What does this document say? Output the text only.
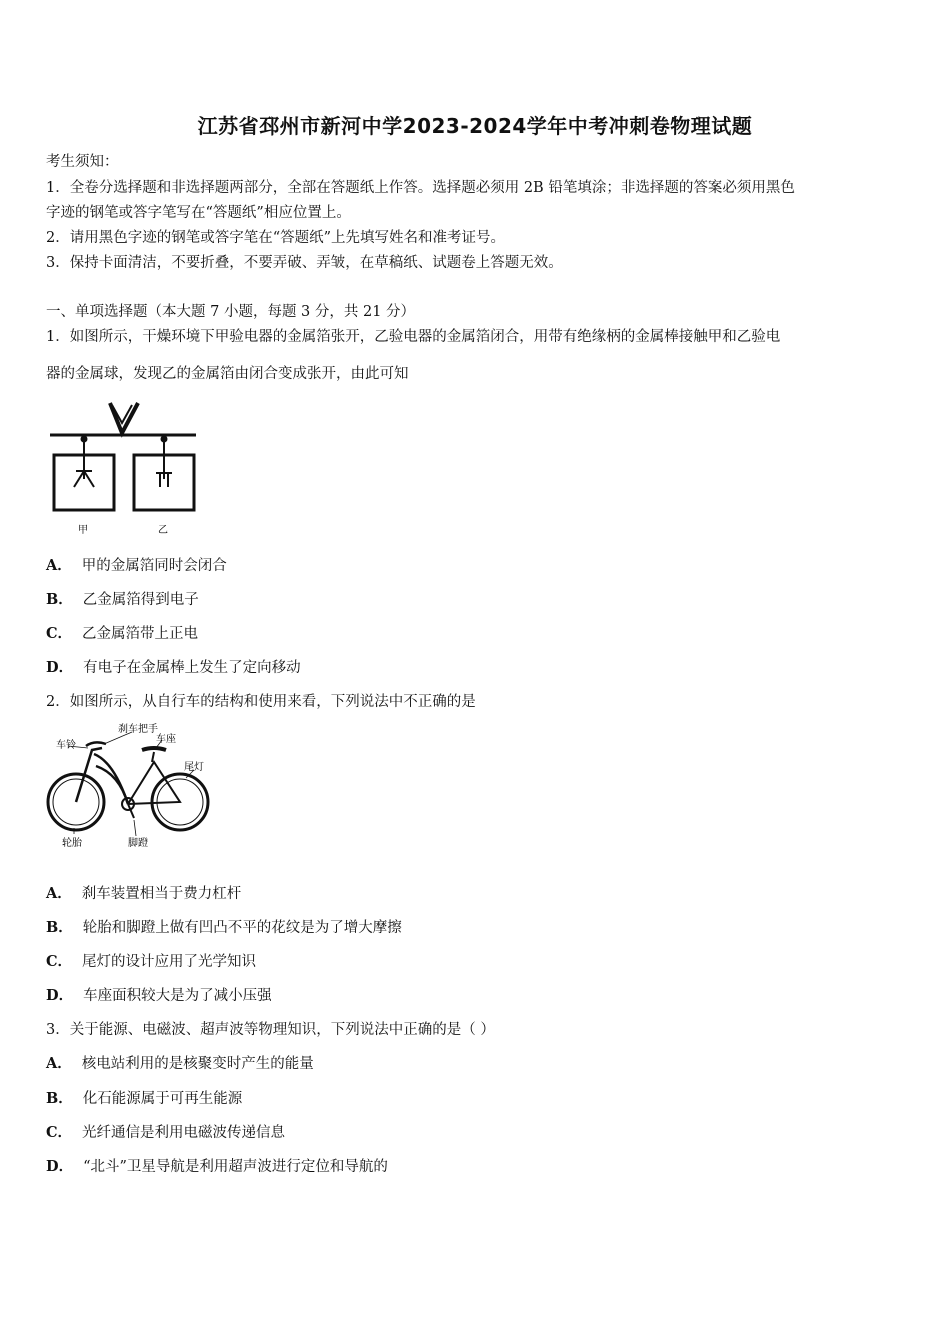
江苏省邳州市新河中学2023-2024学年中考冲刺卷物理试题
考生须知：
1．全卷分选择题和非选择题两部分，全部在答题纸上作答。选择题必须用 2B 铅笔填涂；非选择题的答案必须用黑色
字迹的钢笔或答字笔写在“答题纸”相应位置上。
2．请用黑色字迹的钢笔或答字笔在“答题纸”上先填写姓名和准考证号。
3．保持卡面清洁，不要折叠，不要弄破、弄皱，在草稿纸、试题卷上答题无效。
一、单项选择题（本大题 7 小题，每题 3 分，共 21 分）
1．如图所示，干燥环境下甲验电器的金属箔张开，乙验电器的金属箔闭合，用带有绝缘柄的金属棒接触甲和乙验电
器的金属球，发现乙的金属箔由闭合变成张开，由此可知
甲	乙
A． 甲的金属箔同时会闭合
B． 乙金属箔得到电子
C． 乙金属箔带上正电
D． 有电子在金属棒上发生了定向移动
2．如图所示，从自行车的结构和使用来看，下列说法中不正确的是
车铃
刹车把手
车座
尾灯
轮胎	脚蹬
A． 刹车装置相当于费力杠杆
B． 轮胎和脚蹬上做有凹凸不平的花纹是为了增大摩擦
C． 尾灯的设计应用了光学知识
D． 车座面积较大是为了减小压强
3．关于能源、电磁波、超声波等物理知识，下列说法中正确的是（ ）
A． 核电站利用的是核聚变时产生的能量
B． 化石能源属于可再生能源
C． 光纤通信是利用电磁波传递信息
D． “北斗”卫星导航是利用超声波进行定位和导航的
